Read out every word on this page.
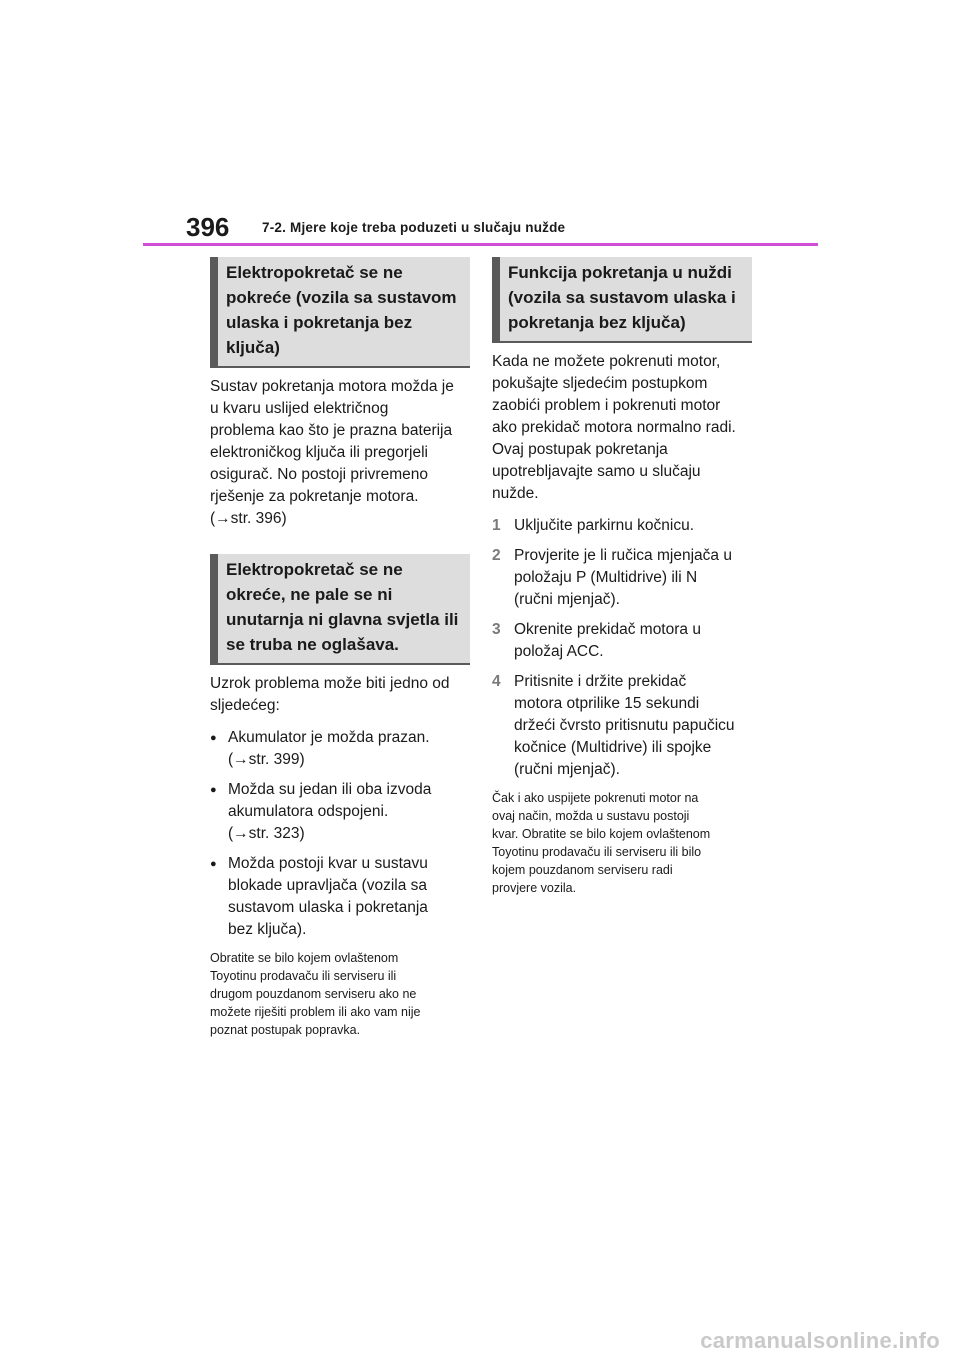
396 7-2. Mjere koje treba poduzeti u slučaju nužde
Elektropokretač se ne
pokreće (vozila sa sustavom
ulaska i pokretanja bez
ključa)

Sustav pokretanja motora možda je
u kvaru uslijed električnog
problema kao što je prazna baterija
elektroničkog ključa ili pregorjeli
osigurač. No postoji privremeno
rješenje za pokretanje motora.
(→str. 396)

Elektropokretač se ne
okreće, ne pale se ni
unutarnja ni glavna svjetla ili
se truba ne oglašava.

Uzrok problema može biti jedno od
sljedećeg:

● Akumulator je možda prazan.
(→str. 399)
● Možda su jedan ili oba izvoda
akumulatora odspojeni.
(→str. 323)
● Možda postoji kvar u sustavu
blokade upravljača (vozila sa
sustavom ulaska i pokretanja
bez ključa).

Obratite se bilo kojem ovlaštenom
Toyotinu prodavaču ili serviseru ili
drugom pouzdanom serviseru ako ne
možete riješiti problem ili ako vam nije
poznat postupak popravka.

Funkcija pokretanja u nuždi
(vozila sa sustavom ulaska i
pokretanja bez ključa)

Kada ne možete pokrenuti motor,
pokušajte sljedećim postupkom
zaobići problem i pokrenuti motor
ako prekidač motora normalno radi.
Ovaj postupak pokretanja
upotrebljavajte samo u slučaju
nužde.

1 Uključite parkirnu kočnicu.
2 Provjerite je li ručica mjenjača u
položaju P (Multidrive) ili N
(ručni mjenjač).
3 Okrenite prekidač motora u
položaj ACC.
4 Pritisnite i držite prekidač
motora otprilike 15 sekundi
držeći čvrsto pritisnutu papučicu
kočnice (Multidrive) ili spojke
(ručni mjenjač).

Čak i ako uspijete pokrenuti motor na
ovaj način, možda u sustavu postoji
kvar. Obratite se bilo kojem ovlaštenom
Toyotinu prodavaču ili serviseru ili bilo
kojem pouzdanom serviseru radi
provjere vozila.

carmanualsonline.info
